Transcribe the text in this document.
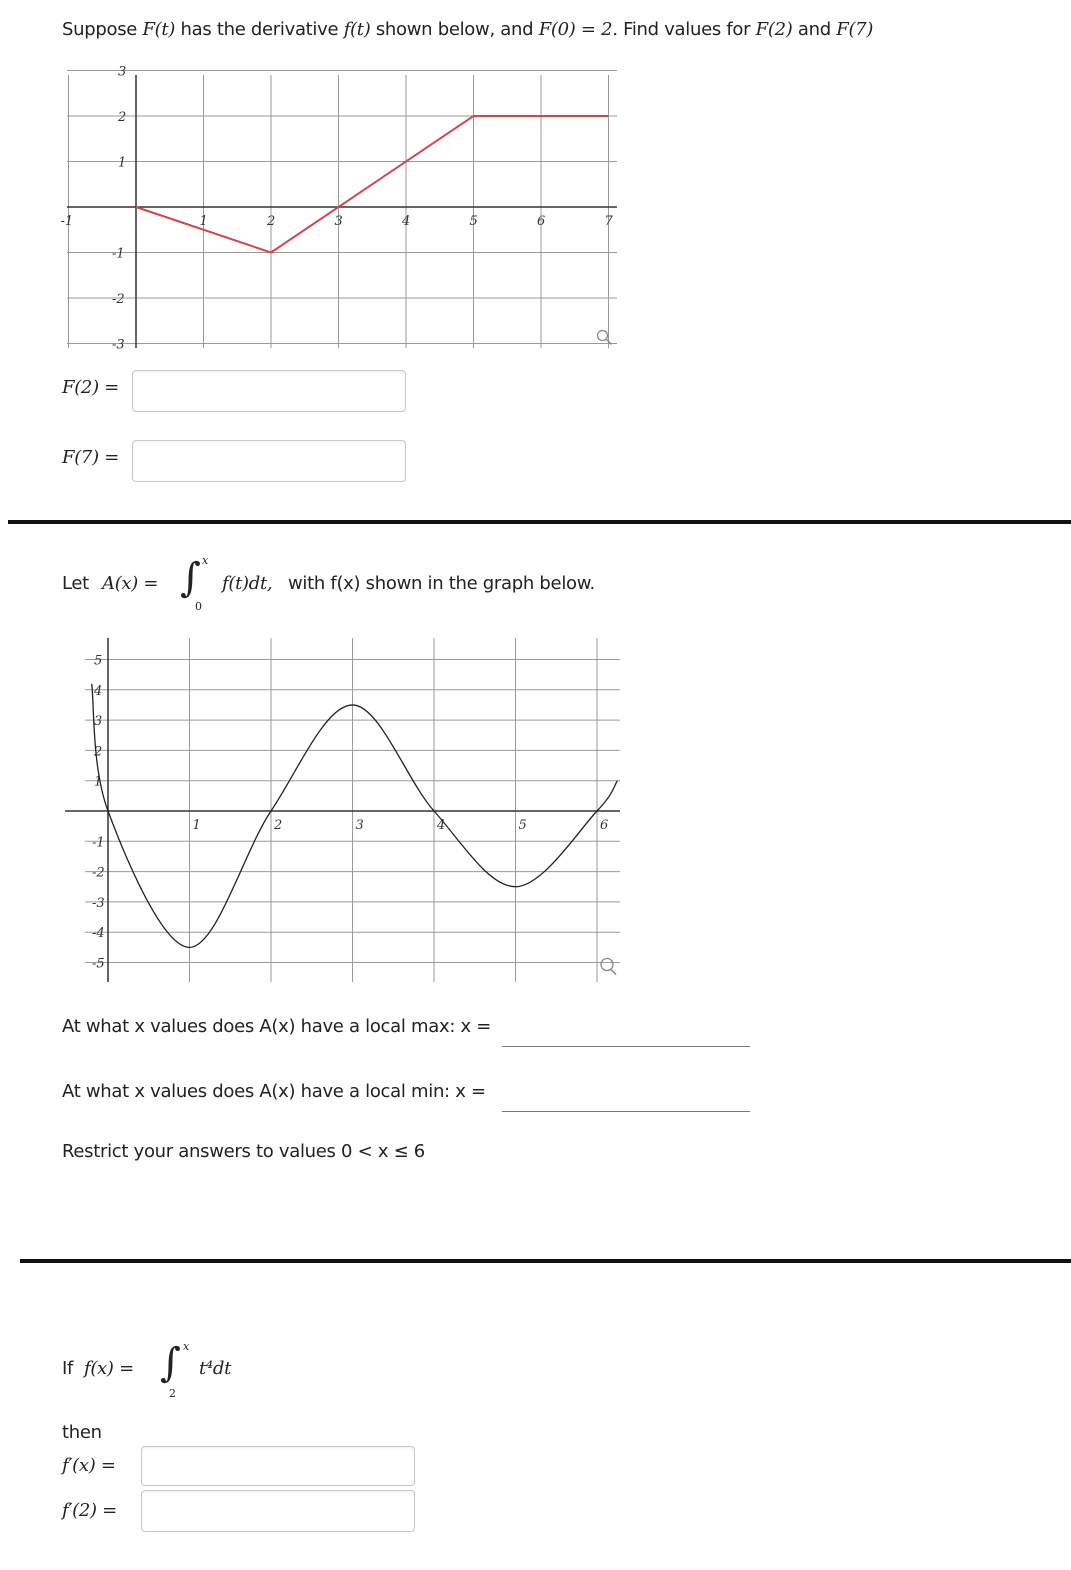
Suppose F(t) has the derivative f(t) shown below, and F(0) = 2. Find values for F(2) and F(7)
-1	1	2	3	4	5	6	7
3
2
1
-1
-2
-3
F(2) =
F(7) =
Let A(x) = ∫ x
0
f(t)dt, with f(x) shown in the graph below.
1	2	3	4	5	6
5
4
3
2
1
-1
-2
-3
-4
-5
At what x values does A(x) have a local max: x =
At what x values does A(x) have a local min: x =
Restrict your answers to values 0 < x ≤ 6
If f(x) = ∫ x
2
t⁴dt
then
f′(x) =
f′(2) =
